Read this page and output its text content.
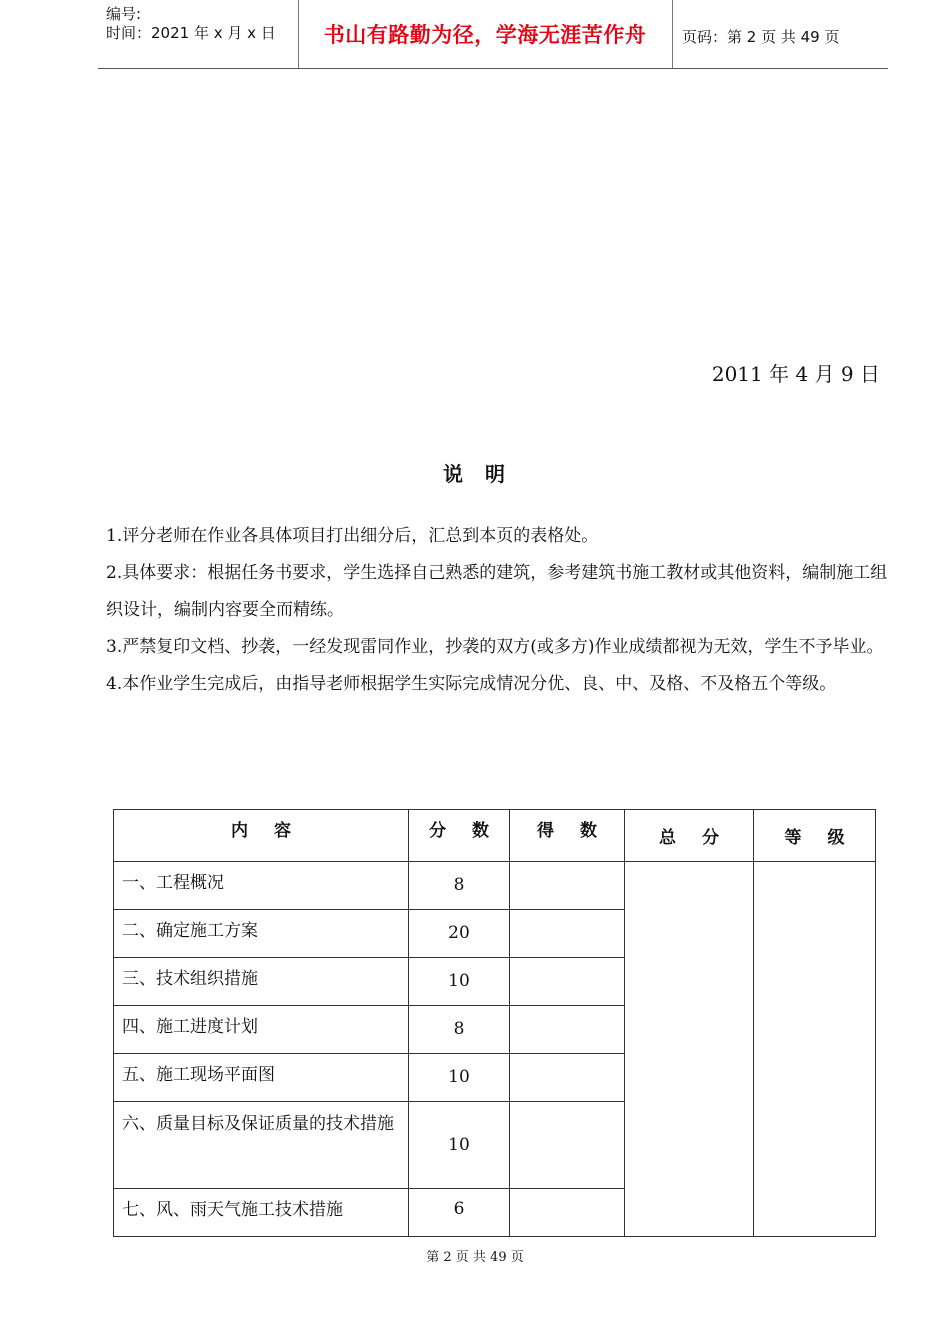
编号:
时间：2021 年 x 月 x 日	书山有路勤为径，学海无涯苦作舟	页码：第 2 页 共 49 页
2011 年 4 月 9 日
说 明

1.评分老师在作业各具体项目打出细分后，汇总到本页的表格处。

2.具体要求：根据任务书要求，学生选择自己熟悉的建筑，参考建筑书施工教材或其他资料，编制施工组织设计，编制内容要全而精练。

3.严禁复印文档、抄袭，一经发现雷同作业，抄袭的双方(或多方)作业成绩都视为无效，学生不予毕业。

4.本作业学生完成后，由指导老师根据学生实际完成情况分优、良、中、及格、不及格五个等级。

内 容	分 数	得 数	总 分	等 级
一、工程概况	8			
二、确定施工方案	20			
三、技术组织措施	10			
四、施工进度计划	8			
五、施工现场平面图	10			
六、质量目标及保证质量的技术措施	10			
七、风、雨天气施工技术措施	6			
第 2 页 共 49 页
